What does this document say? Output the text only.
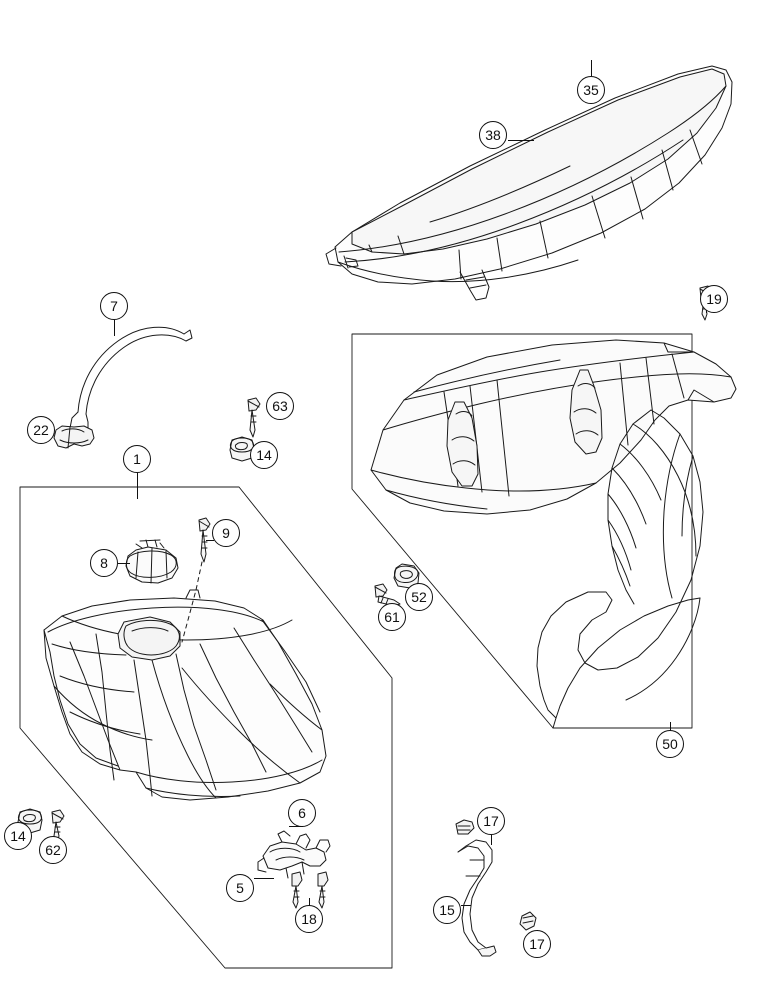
35
38
19
7
63
22
14
1
9
8
52
61
50
6	17
14
62
5
15
18
17
